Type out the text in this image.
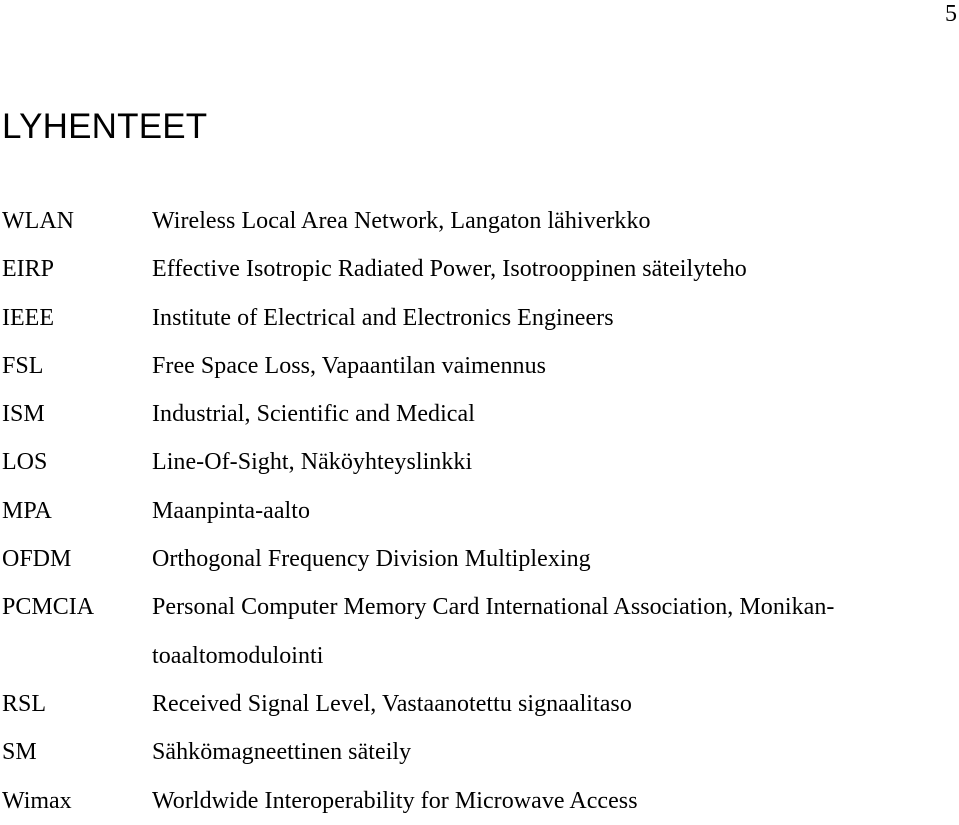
5
LYHENTEET
WLAN	Wireless Local Area Network, Langaton lähiverkko
EIRP	Effective Isotropic Radiated Power, Isotrooppinen säteilyteho
IEEE	Institute of Electrical and Electronics Engineers
FSL	Free Space Loss, Vapaantilan vaimennus
ISM	Industrial, Scientific and Medical
LOS	Line-Of-Sight, Näköyhteyslinkki
MPA	Maanpinta-aalto
OFDM	Orthogonal Frequency Division Multiplexing
PCMCIA	Personal Computer Memory Card International Association, Monikan-
toaaltomodulointi
RSL	Received Signal Level, Vastaanotettu signaalitaso
SM	Sähkömagneettinen säteily
Wimax	Worldwide Interoperability for Microwave Access
